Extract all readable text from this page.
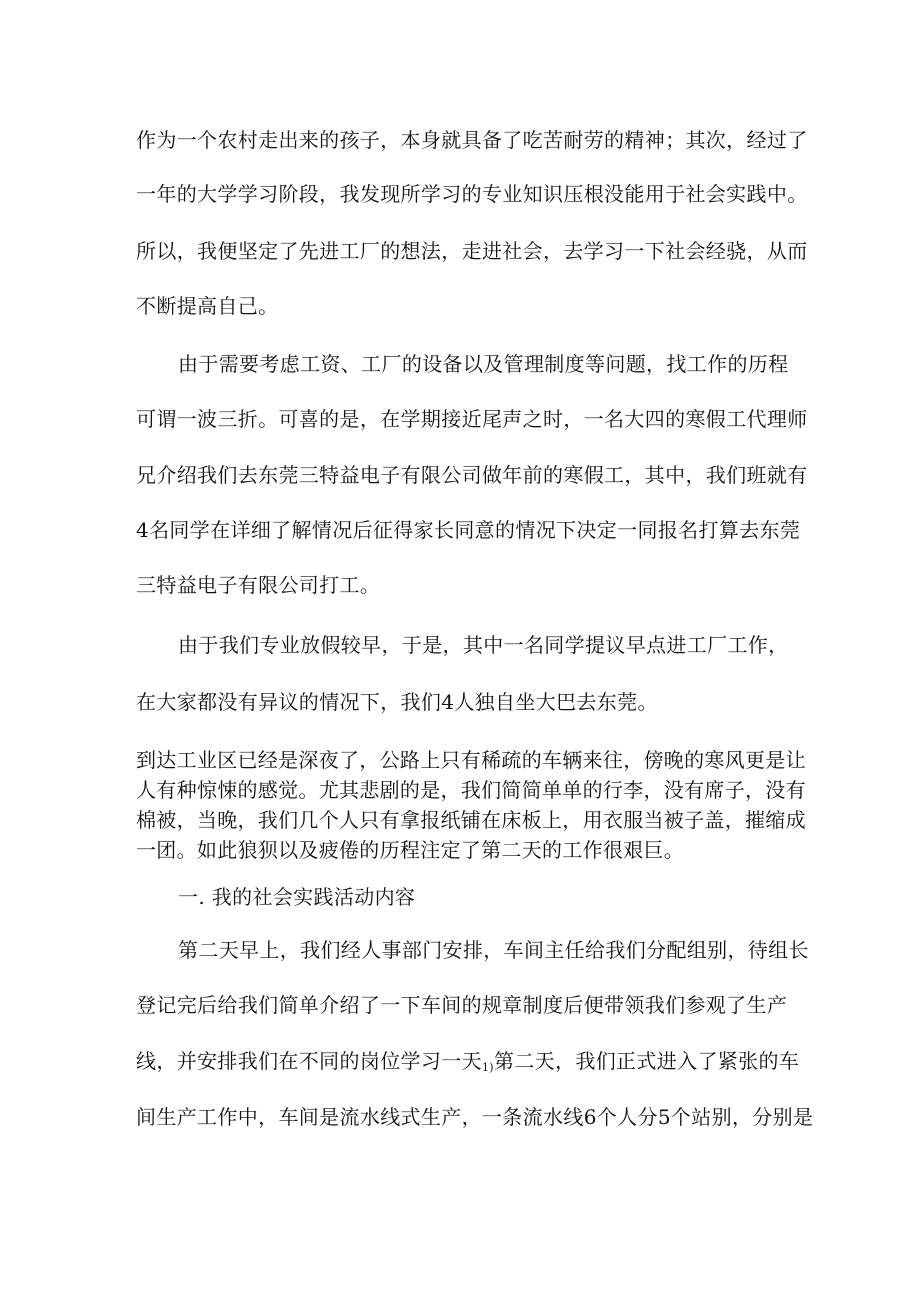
作为一个农村走出来的孩子，本身就具备了吃苦耐劳的精神；其次，经过了
一年的大学学习阶段，我发现所学习的专业知识压根没能用于社会实践中。
所以，我便坚定了先进工厂的想法，走进社会，去学习一下社会经骁，从而
不断提高自己。
由于需要考虑工资、工厂的设备以及管理制度等问题，找工作的历程
可谓一波三折。可喜的是，在学期接近尾声之时，一名大四的寒假工代理师
兄介绍我们去东莞三特益电子有限公司做年前的寒假工，其中，我们班就有
4名同学在详细了解情况后征得家长同意的情况下决定一同报名打算去东莞
三特益电子有限公司打工。
由于我们专业放假较早，于是，其中一名同学提议早点进工厂工作，
在大家都没有异议的情况下，我们4人独自坐大巴去东莞。
到达工业区已经是深夜了，公路上只有稀疏的车辆来往，傍晚的寒风更是让
人有种惊悚的感觉。尤其悲剧的是，我们简简单单的行李，没有席子，没有
棉被，当晚，我们几个人只有拿报纸铺在床板上，用衣服当被子盖，摧缩成
一团。如此狼狈以及疲倦的历程注定了第二天的工作很艰巨。
一. 我的社会实践活动内容
第二天早上，我们经人事部门安排，车间主任给我们分配组别，待组长
登记完后给我们简单介绍了一下车间的规章制度后便带领我们参观了生产
线，并安排我们在不同的岗位学习一天$_{1)}$第二天，我们正式进入了紧张的车
间生产工作中，车间是流水线式生产，一条流水线6个人分5个站别，分别是
